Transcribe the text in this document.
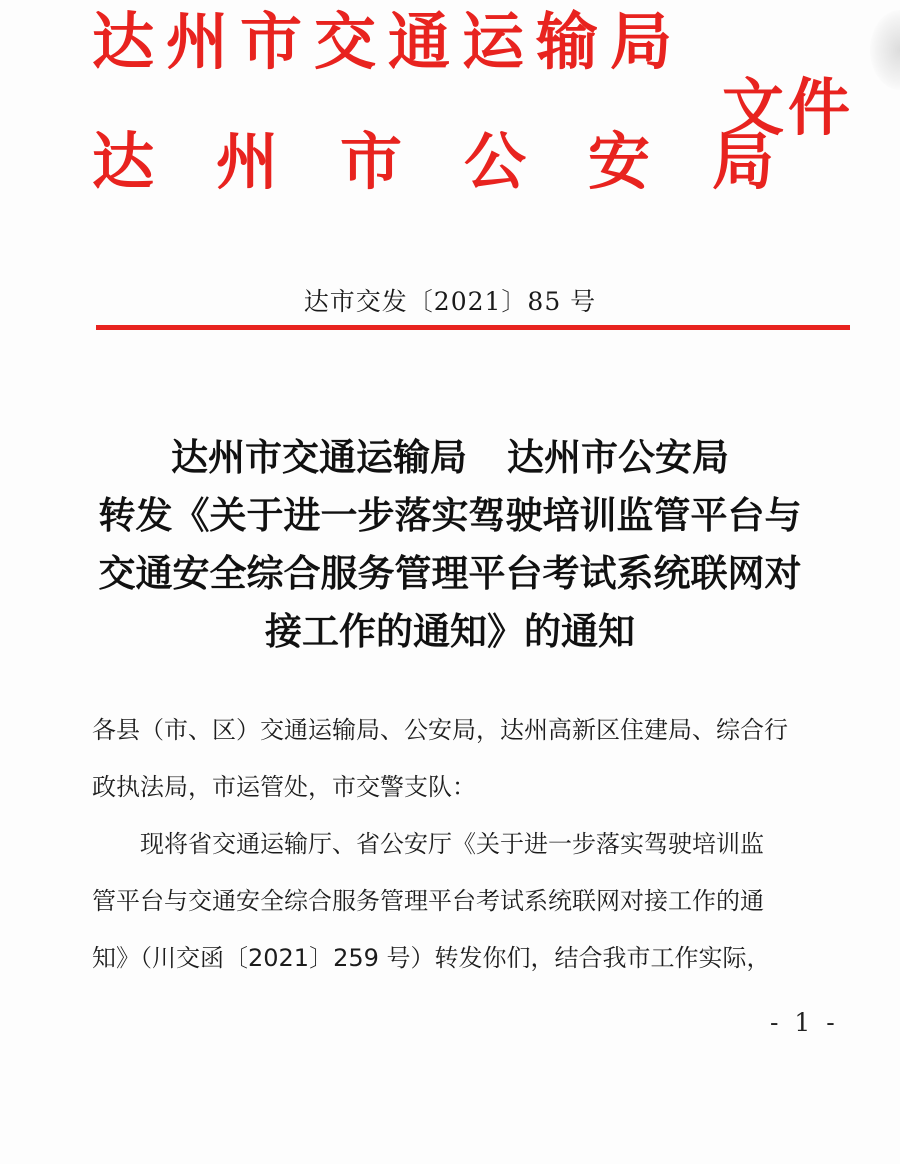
达州市交通运输局
达州市公安局
文件
达市交发〔2021〕85 号
达州市交通运输局 达州市公安局
转发《关于进一步落实驾驶培训监管平台与
交通安全综合服务管理平台考试系统联网对
接工作的通知》的通知
各县（市、区）交通运输局、公安局，达州高新区住建局、综合行
政执法局，市运管处，市交警支队：
现将省交通运输厅、省公安厅《关于进一步落实驾驶培训监
管平台与交通安全综合服务管理平台考试系统联网对接工作的通
知》（川交函〔2021〕259 号）转发你们，结合我市工作实际，
- 1 -
